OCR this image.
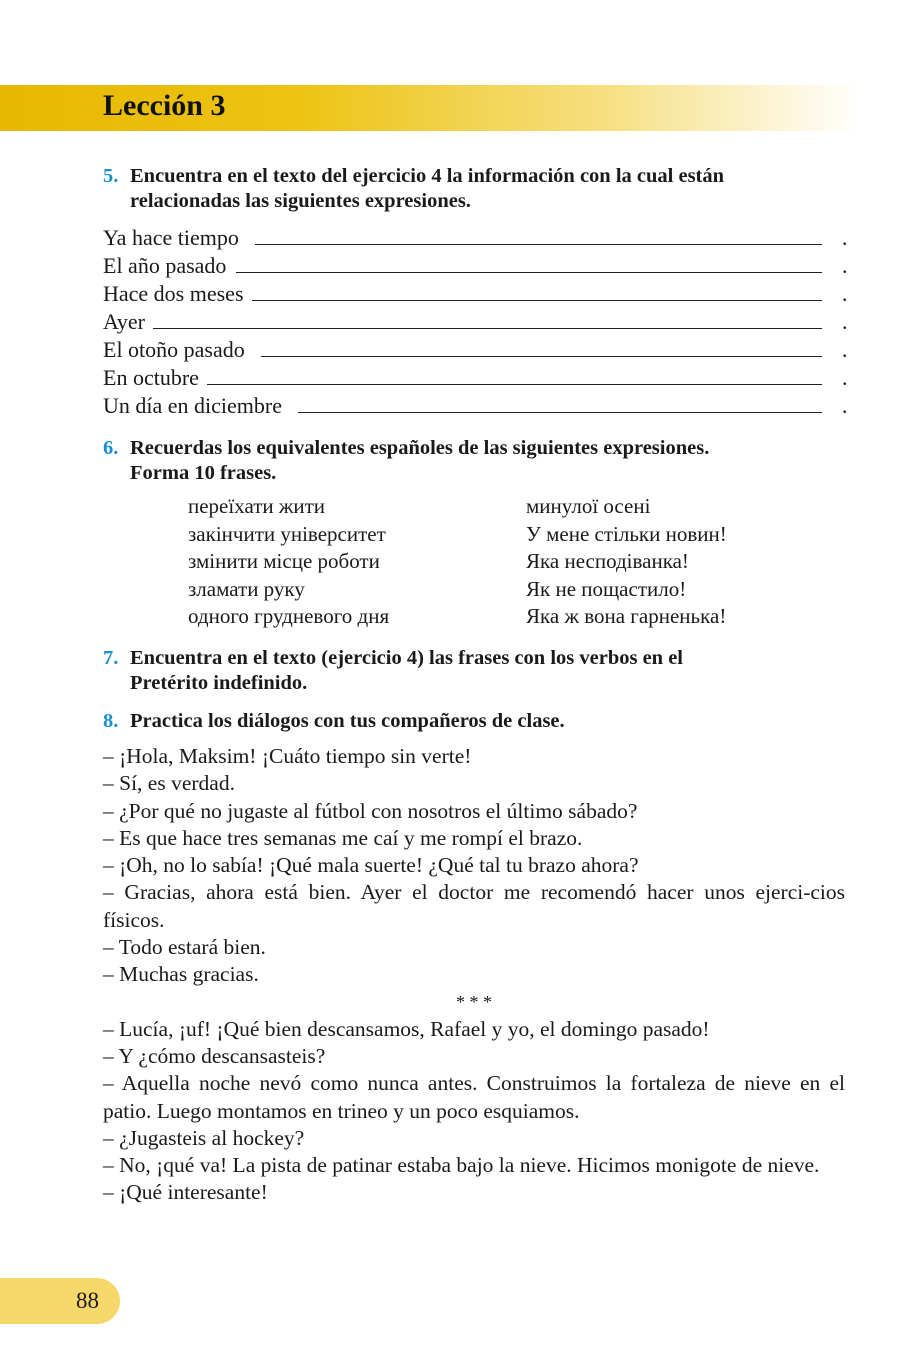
Lección 3
5. Encuentra en el texto del ejercicio 4 la información con la cual están
relacionadas las siguientes expresiones.
Ya hace tiempo	.
El año pasado	.
Hace dos meses	.
Ayer	.
El otoño pasado	.
En octubre	.
Un día en diciembre	.
6. Recuerdas los equivalentes españoles de las siguientes expresiones.
Forma 10 frases.
переїхати жити	минулої осені
закінчити університет	У мене стільки новин!
змінити місце роботи	Яка несподіванка!
зламати руку	Як не пощастило!
одного грудневого дня	Яка ж вона гарненька!
7. Encuentra en el texto (ejercicio 4) las frases con los verbos en el
Pretérito indefinido.
8. Practica los diálogos con tus compañeros de clase.
– ¡Hola, Maksim! ¡Cuáto tiempo sin verte!
– Sí, es verdad.
– ¿Por qué no jugaste al fútbol con nosotros el último sábado?
– Es que hace tres semanas me caí y me rompí el brazo.
– ¡Oh, no lo sabía! ¡Qué mala suerte! ¿Qué tal tu brazo ahora?
– Gracias, ahora está bien. Ayer el doctor me recomendó hacer unos ejerci-cios físicos.
– Todo estará bien.
– Muchas gracias.
* * *
– Lucía, ¡uf! ¡Qué bien descansamos, Rafael y yo, el domingo pasado!
– Y ¿cómo descansasteis?
– Aquella noche nevó como nunca antes. Construimos la fortaleza de nieve en el patio. Luego montamos en trineo y un poco esquiamos.
– ¿Jugasteis al hockey?
– No, ¡qué va! La pista de patinar estaba bajo la nieve. Hicimos monigote de nieve.
– ¡Qué interesante!
88
